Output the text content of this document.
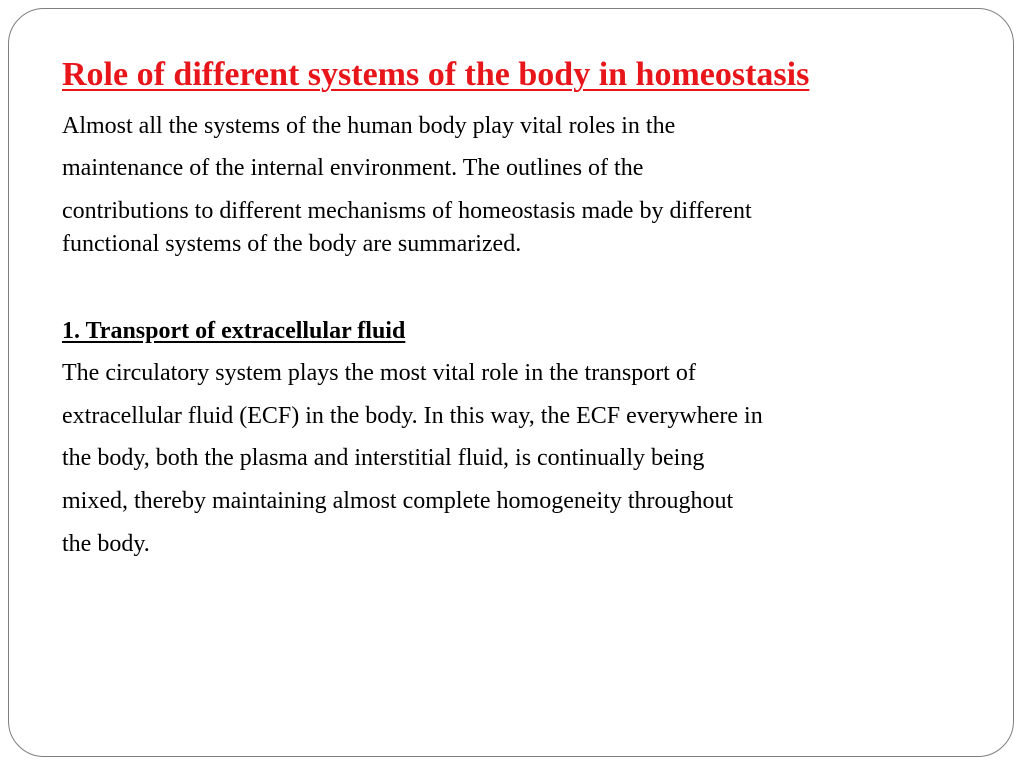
Role of different systems of the body in homeostasis
Almost all the systems of the human body play vital roles in the
maintenance of the internal environment. The outlines of the
contributions to different mechanisms of homeostasis made by different
functional systems of the body are summarized.
1. Transport of extracellular fluid
The circulatory system plays the most vital role in the transport of
extracellular fluid (ECF) in the body. In this way, the ECF everywhere in
the body, both the plasma and interstitial fluid, is continually being
mixed, thereby maintaining almost complete homogeneity throughout
the body.
